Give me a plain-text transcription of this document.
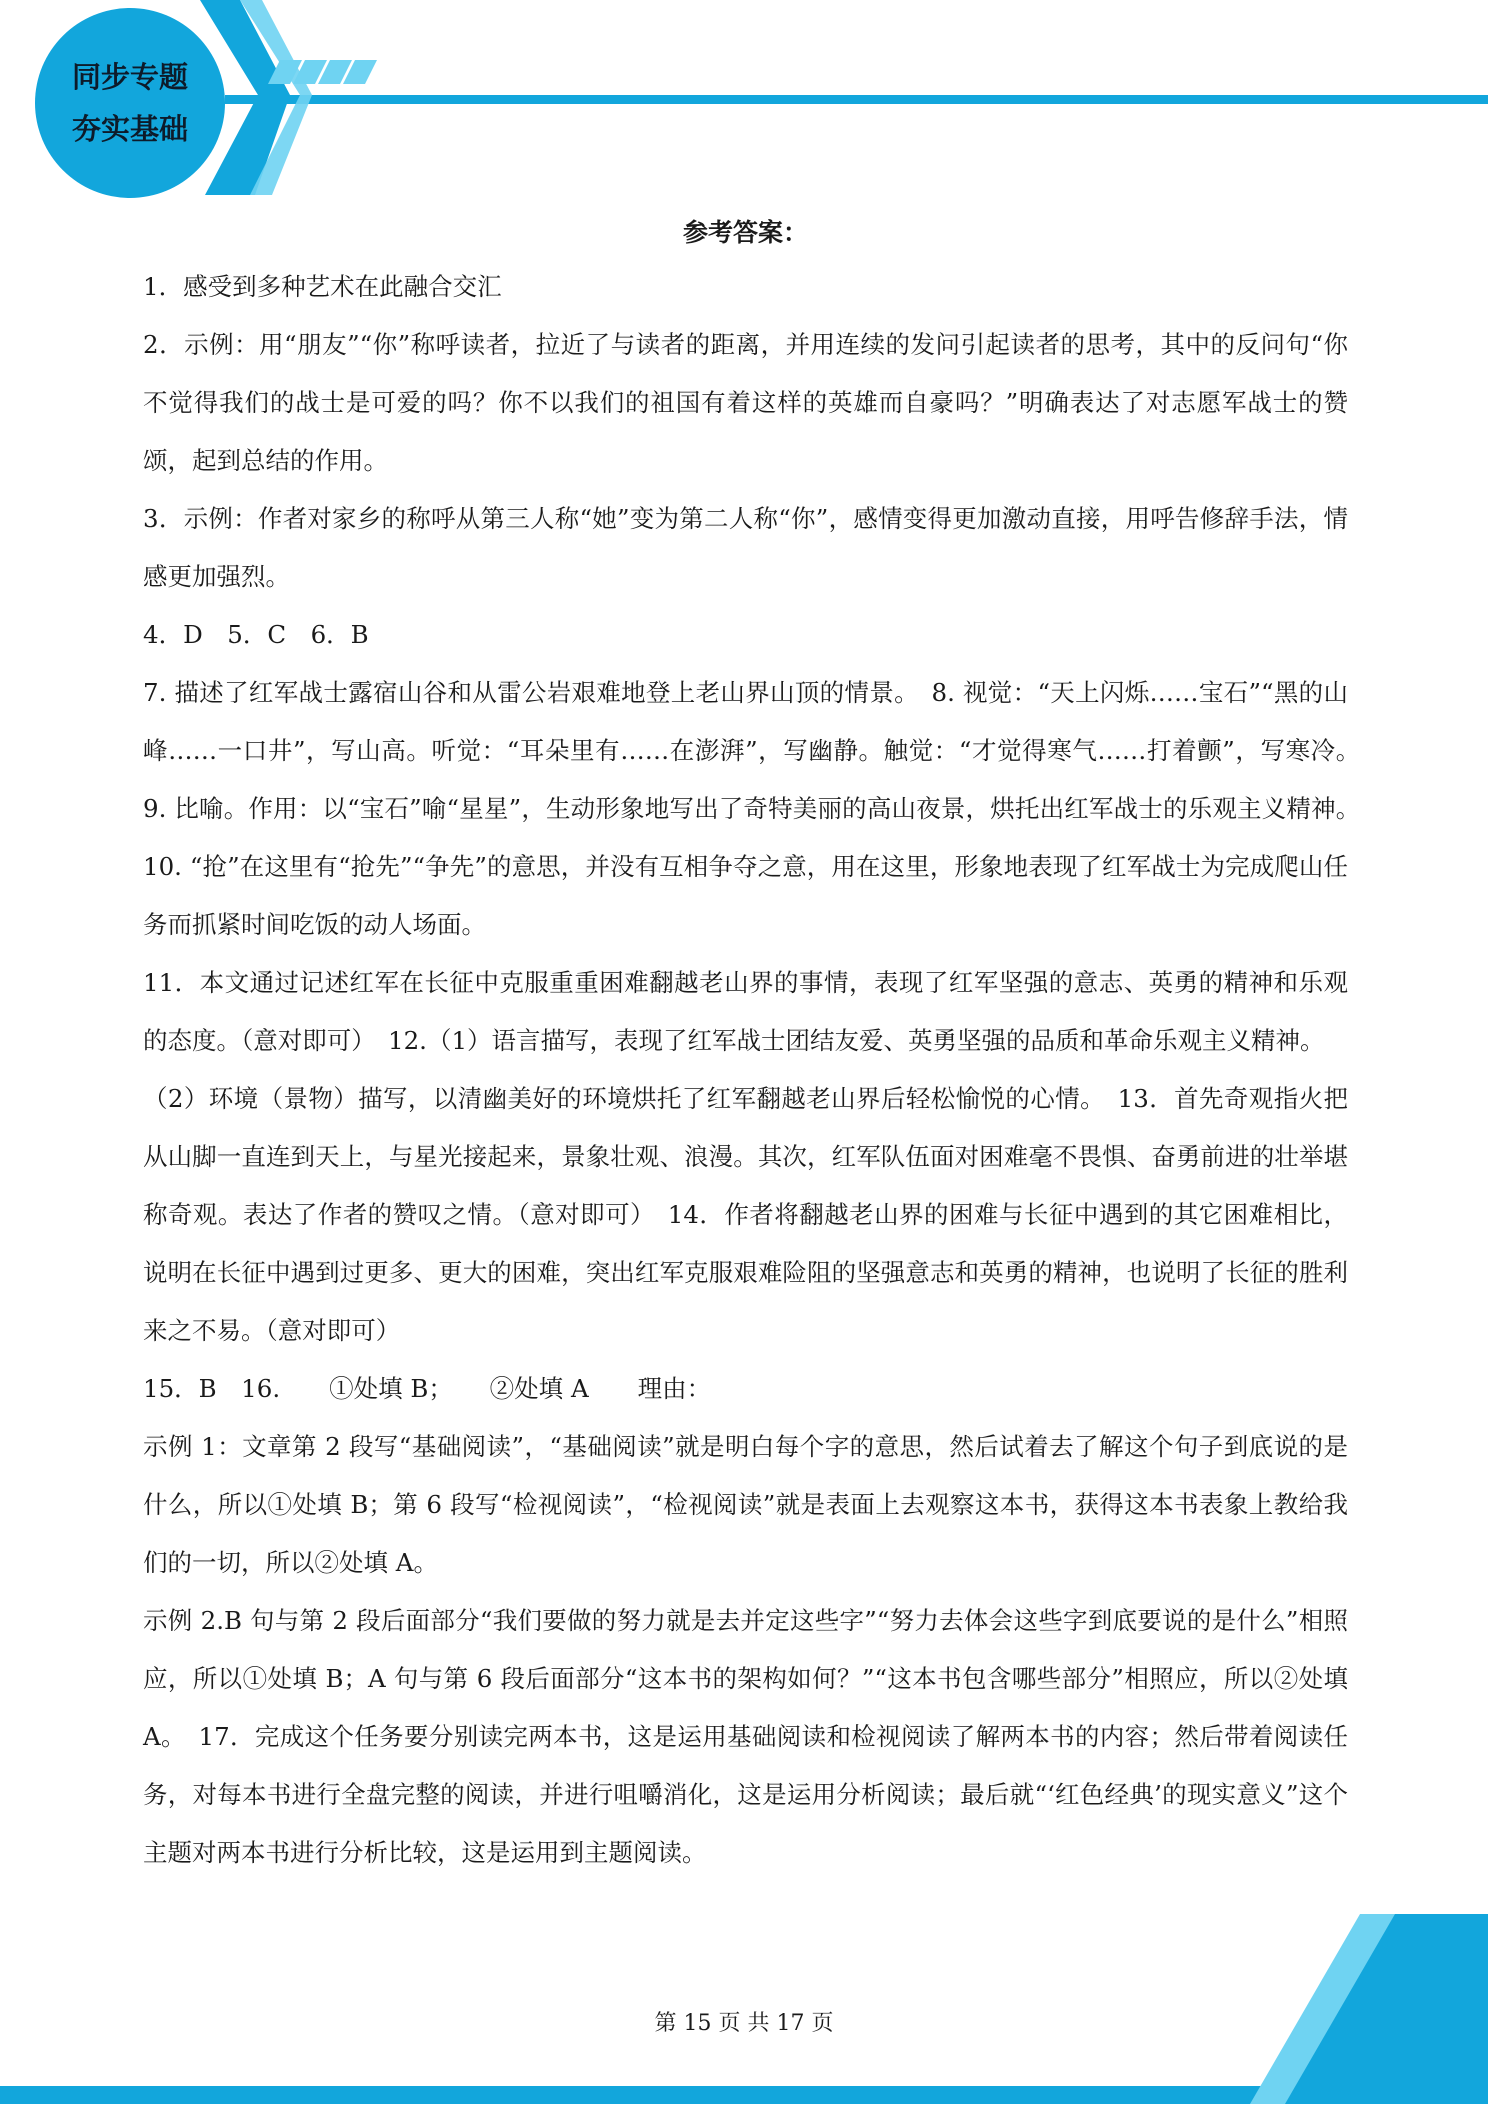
同步专题
夯实基础
参考答案：

1．感受到多种艺术在此融合交汇

2．示例：用“朋友”“你”称呼读者，拉近了与读者的距离，并用连续的发问引起读者的思考，其中的反问句“你不觉得我们的战士是可爱的吗？你不以我们的祖国有着这样的英雄而自豪吗？”明确表达了对志愿军战士的赞颂，起到总结的作用。

3．示例：作者对家乡的称呼从第三人称“她”变为第二人称“你”，感情变得更加激动直接，用呼告修辞手法，情感更加强烈。

4．D　5．C　6．B

7. 描述了红军战士露宿山谷和从雷公岩艰难地登上老山界山顶的情景。　8. 视觉：“天上闪烁……宝石”“黑的山峰……一口井”，写山高。听觉：“耳朵里有……在澎湃”，写幽静。触觉：“才觉得寒气……打着颤”，写寒冷。　9. 比喻。作用：以“宝石”喻“星星”，生动形象地写出了奇特美丽的高山夜景，烘托出红军战士的乐观主义精神。　10. “抢”在这里有“抢先”“争先”的意思，并没有互相争夺之意，用在这里，形象地表现了红军战士为完成爬山任务而抓紧时间吃饭的动人场面。

11．本文通过记述红军在长征中克服重重困难翻越老山界的事情，表现了红军坚强的意志、英勇的精神和乐观的态度。（意对即可）　12.（1）语言描写，表现了红军战士团结友爱、英勇坚强的品质和革命乐观主义精神。

（2）环境（景物）描写，以清幽美好的环境烘托了红军翻越老山界后轻松愉悦的心情。　13．首先奇观指火把从山脚一直连到天上，与星光接起来，景象壮观、浪漫。其次，红军队伍面对困难毫不畏惧、奋勇前进的壮举堪称奇观。表达了作者的赞叹之情。（意对即可）　14．作者将翻越老山界的困难与长征中遇到的其它困难相比，说明在长征中遇到过更多、更大的困难，突出红军克服艰难险阻的坚强意志和英勇的精神，也说明了长征的胜利来之不易。（意对即可）

15．B　16.　　①处填 B；　　②处填 A　　理由：

示例 1：文章第 2 段写“基础阅读”，“基础阅读”就是明白每个字的意思，然后试着去了解这个句子到底说的是什么，所以①处填 B；第 6 段写“检视阅读”，“检视阅读”就是表面上去观察这本书，获得这本书表象上教给我们的一切，所以②处填 A。

示例 2.B 句与第 2 段后面部分“我们要做的努力就是去并定这些字”“努力去体会这些字到底要说的是什么”相照应，所以①处填 B；A 句与第 6 段后面部分“这本书的架构如何？”“这本书包含哪些部分”相照应，所以②处填 A。　17．完成这个任务要分别读完两本书，这是运用基础阅读和检视阅读了解两本书的内容；然后带着阅读任务，对每本书进行全盘完整的阅读，并进行咀嚼消化，这是运用分析阅读；最后就“‘红色经典’的现实意义”这个主题对两本书进行分析比较，这是运用到主题阅读。

第 15 页 共 17 页
